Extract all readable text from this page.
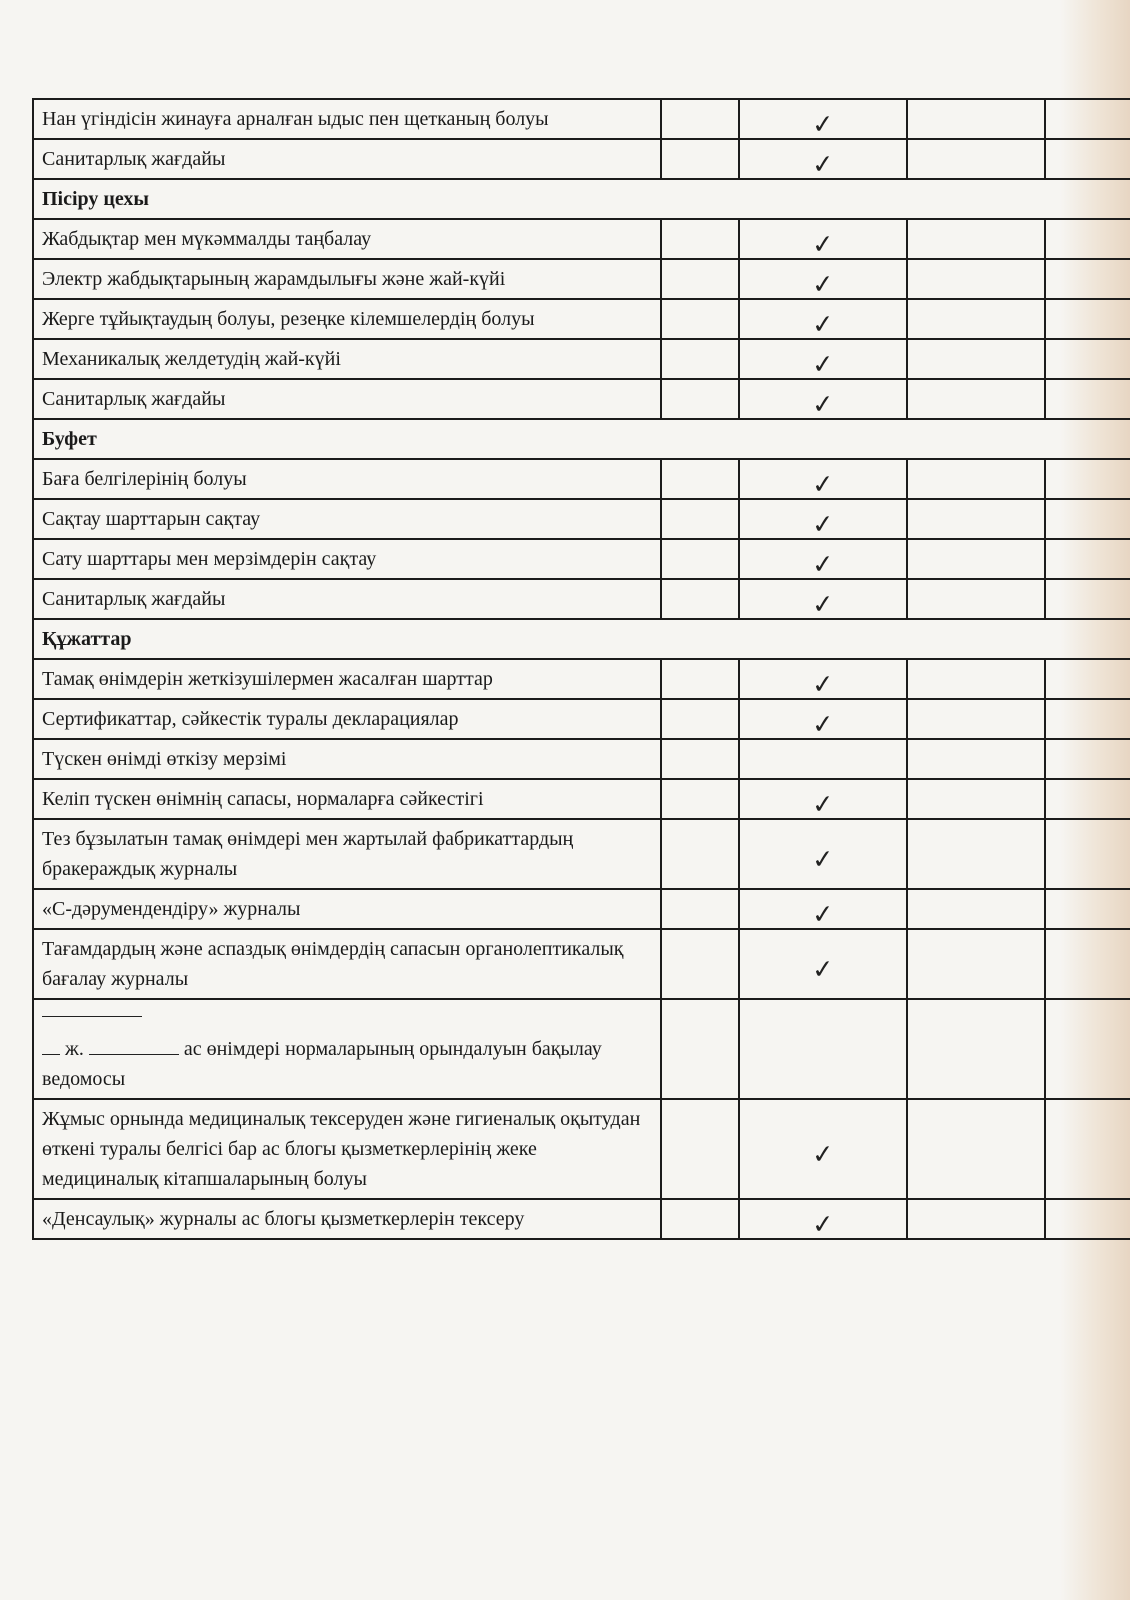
Нан үгіндісін жинауға арналған ыдыс пен щетканың болуы		✓		
Санитарлық жағдайы		✓		
Пісіру цехы				
Жабдықтар мен мүкәммалды таңбалау		✓		
Электр жабдықтарының жарамдылығы және жай-күйі		✓		
Жерге тұйықтаудың болуы, резеңке кілемшелердің болуы		✓		
Механикалық желдетудің жай-күйі		✓		
Санитарлық жағдайы		✓		
Буфет				
Баға белгілерінің болуы		✓		
Сақтау шарттарын сақтау		✓		
Сату шарттары мен мерзімдерін сақтау		✓		
Санитарлық жағдайы		✓		
Құжаттар				
Тамақ өнімдерін жеткізушілермен жасалған шарттар		✓		
Сертификаттар, сәйкестік туралы декларациялар		✓		
Түскен өнімді өткізу мерзімі				
Келіп түскен өнімнің сапасы, нормаларға сәйкестігі		✓		
Тез бұзылатын тамақ өнімдері мен жартылай фабрикаттардың бракераждық журналы		✓		
«С-дәрумендендіру» журналы		✓		
Тағамдардың және аспаздық өнімдердің сапасын органолептикалық бағалау журналы		✓		

ж. ас өнімдері нормаларының орындалуын бақылау ведомосы				
Жұмыс орнында медициналық тексеруден және гигиеналық оқытудан өткені туралы белгісі бар ас блогы қызметкерлерінің жеке медициналық кітапшаларының болуы		✓		
«Денсаулық» журналы ас блогы қызметкерлерін тексеру		✓		
